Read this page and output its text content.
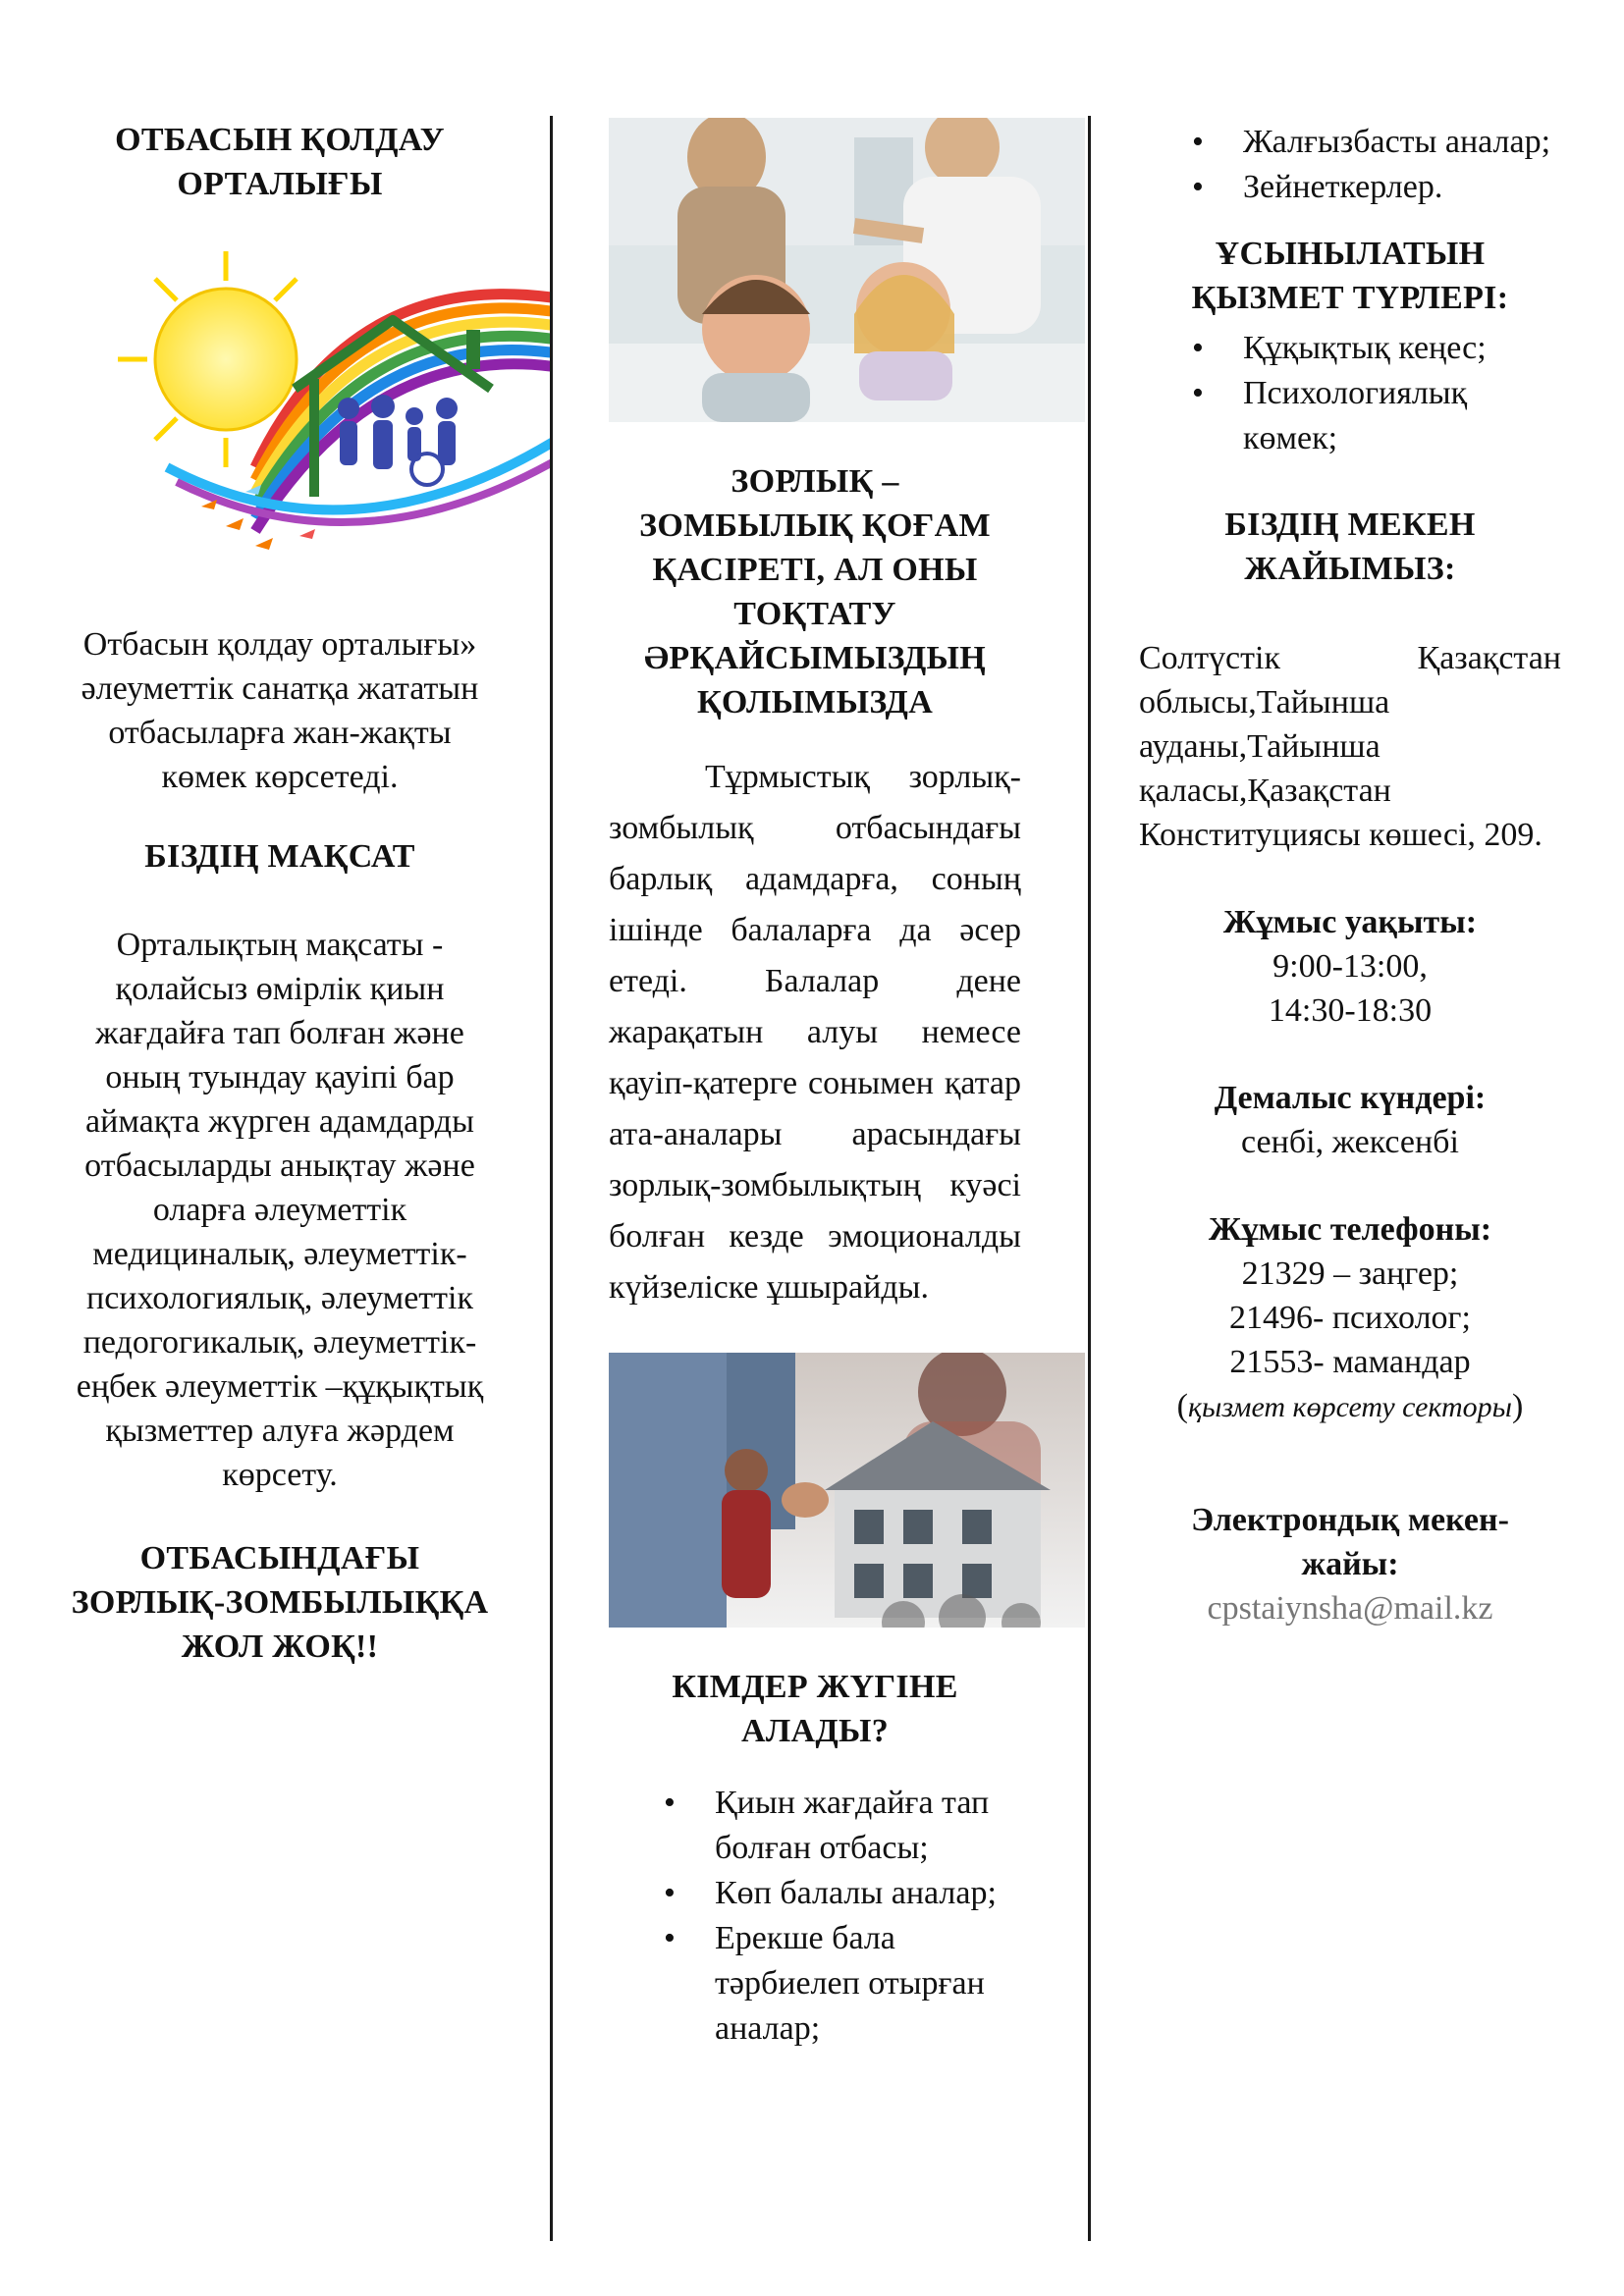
ОТБАСЫН ҚОЛДАУ ОРТАЛЫҒЫ
Отбасын қолдау орталығы» әлеуметтік санатқа жататын отбасыларға жан-жақты көмек көрсетеді.
БІЗДІҢ МАҚСАТ
Орталықтың мақсаты - қолайсыз өмірлік қиын жағдайға тап болған және оның туындау қауіпі бар аймақта жүрген адамдарды отбасыларды анықтау және оларға әлеуметтік медициналық, әлеуметтік-психологиялық, әлеуметтік педогогикалық, әлеуметтік-еңбек әлеуметтік –құқықтық қызметтер алуға жәрдем көрсету.
ОТБАСЫНДАҒЫ ЗОРЛЫҚ-ЗОМБЫЛЫҚҚА ЖОЛ ЖОҚ!!
ЗОРЛЫҚ – ЗОМБЫЛЫҚ ҚОҒАМ ҚАСІРЕТІ, АЛ ОНЫ ТОҚТАТУ ӘРҚАЙСЫМЫЗДЫҢ ҚОЛЫМЫЗДА
Тұрмыстық зорлық-зомбылық отбасындағы барлық адамдарға, соның ішінде балаларға да әсер етеді. Балалар дене жарақатын алуы немесе қауіп-қатерге сонымен қатар ата-аналары арасындағы зорлық-зомбылықтың куәсі болған кезде эмоционалды күйзеліске ұшырайды.
КІМДЕР ЖҮГІНЕ АЛАДЫ?
• Қиын жағдайға тап болған отбасы;
• Көп балалы аналар;
• Ерекше бала тәрбиелеп отырған аналар;
• Жалғызбасты аналар;
• Зейнеткерлер.
ҰСЫНЫЛАТЫН ҚЫЗМЕТ ТҮРЛЕРІ:
• Құқықтық кеңес;
• Психологиялық көмек;
БІЗДІҢ МЕКЕН ЖАЙЫМЫЗ:
Солтүстік Қазақстан облысы,Тайынша ауданы,Тайынша қаласы,Қазақстан Конституциясы көшесі, 209.
Жұмыс уақыты:
9:00-13:00,
14:30-18:30
Демалыс күндері:
сенбі, жексенбі
Жұмыс телефоны:
21329 – заңгер;
21496- психолог;
21553- мамандар
(қызмет көрсету секторы)
Электрондық мекен-жайы:
cpstaiynsha@mail.kz
